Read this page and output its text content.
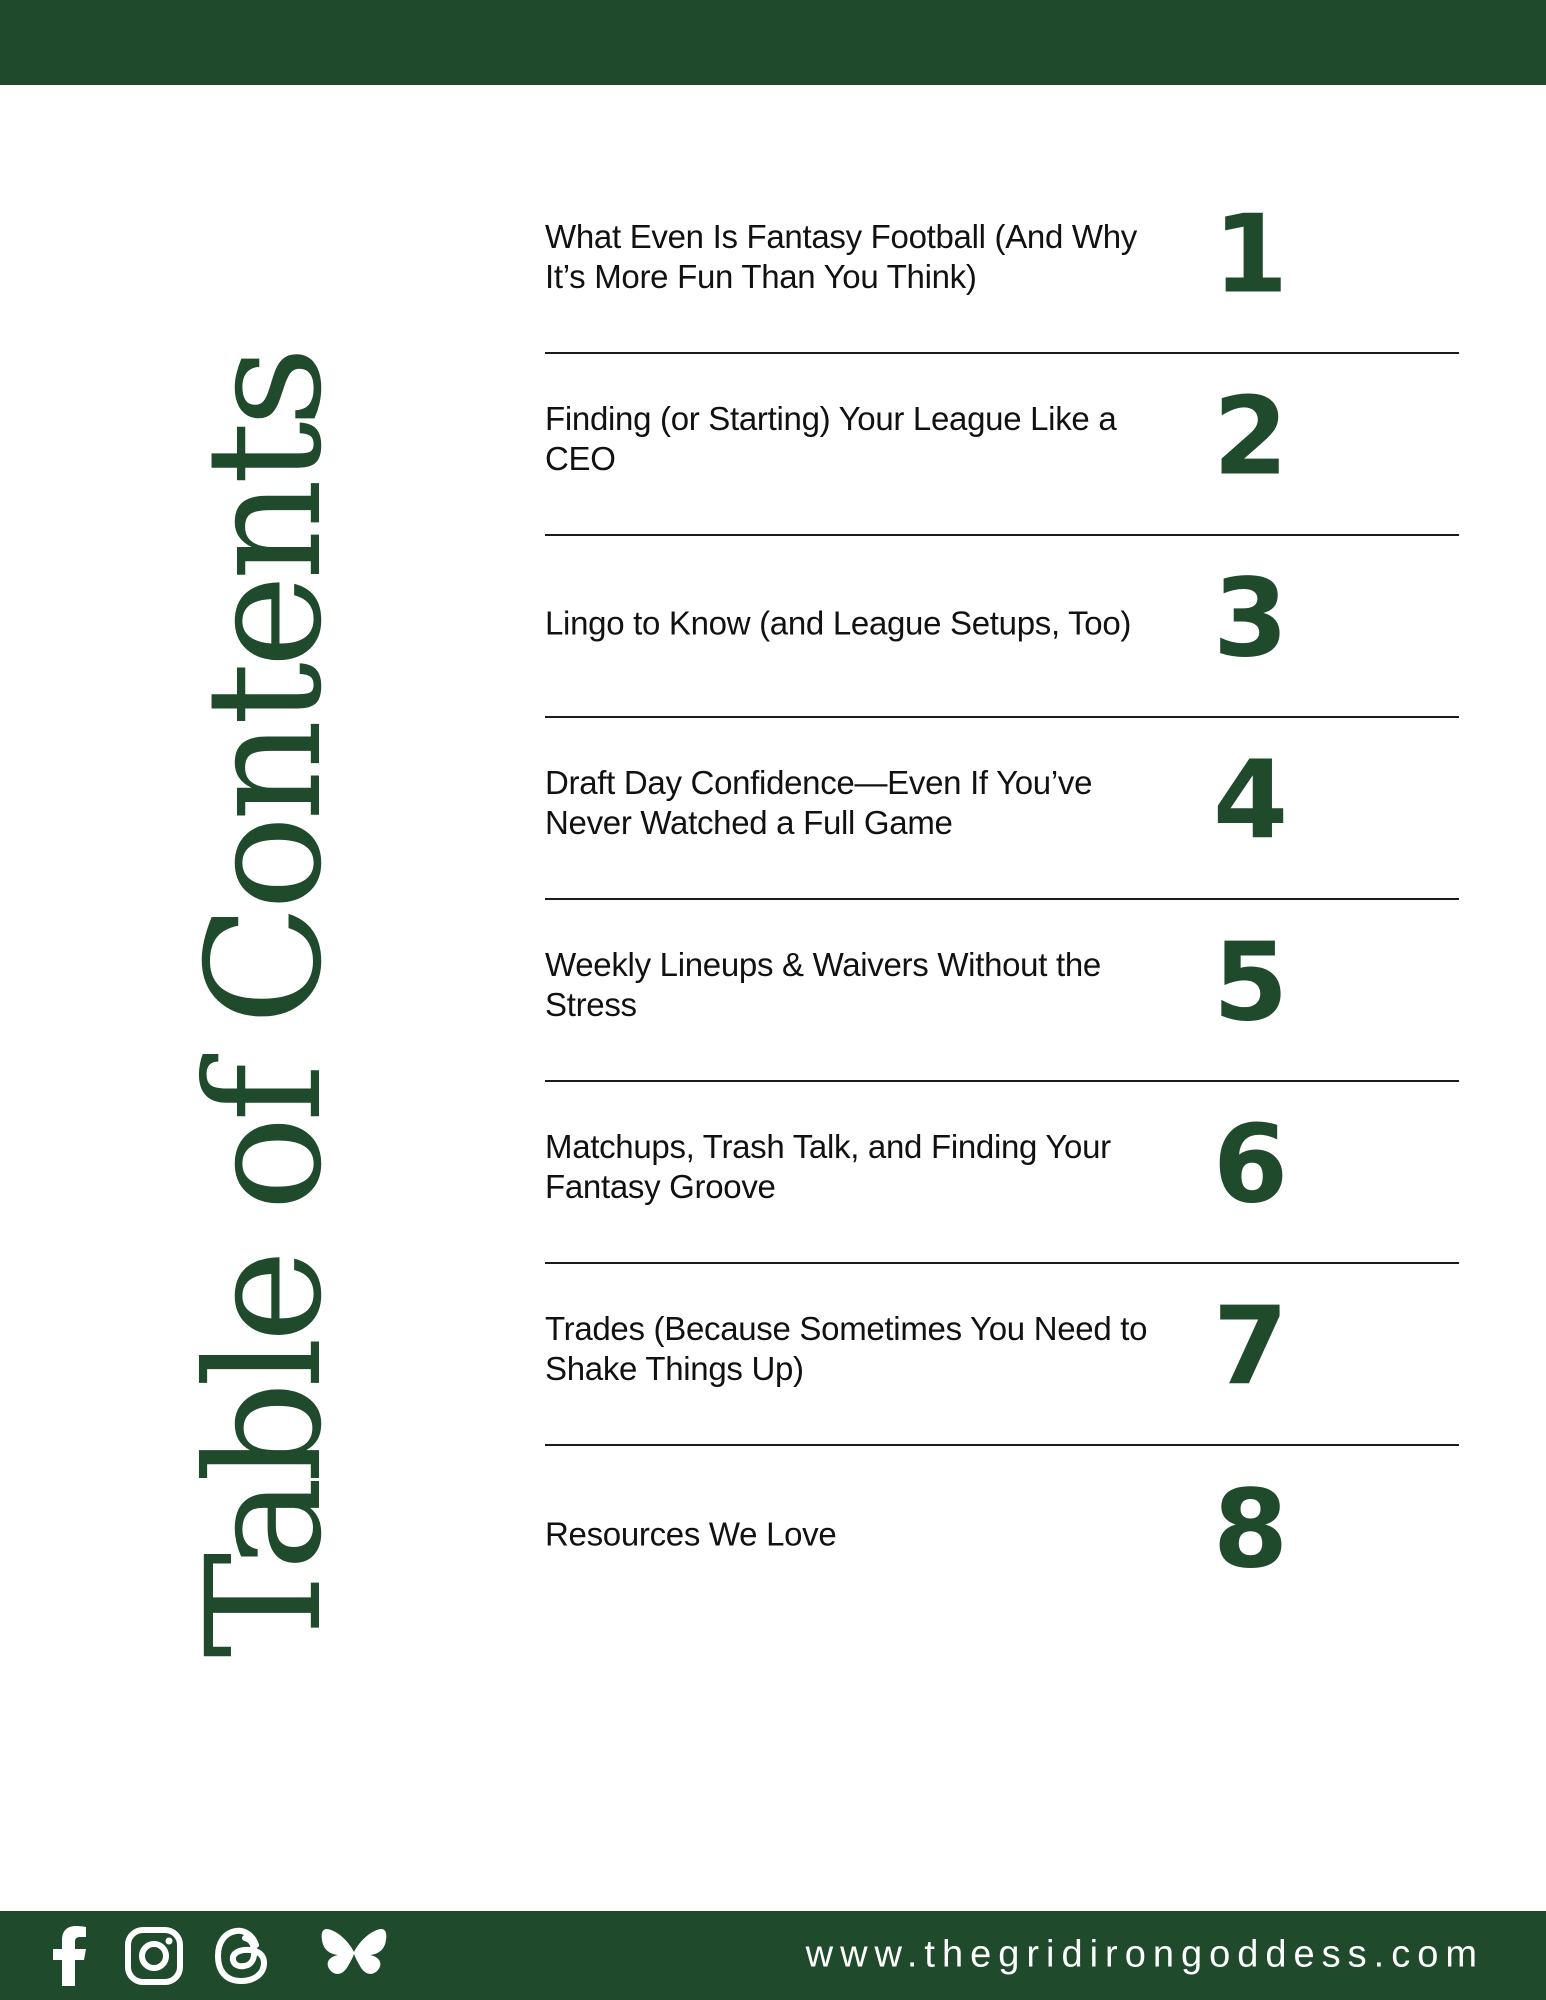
Table of Contents
What Even Is Fantasy Football (And Why It’s More Fun Than You Think)	1
Finding (or Starting) Your League Like a CEO	2
Lingo to Know (and League Setups, Too) 3
Draft Day Confidence—Even If You’ve Never Watched a Full Game	4
Weekly Lineups & Waivers Without the Stress	5
Matchups, Trash Talk, and Finding Your Fantasy Groove	6
Trades (Because Sometimes You Need to Shake Things Up)	7
Resources We Love	8
www.thegridirongoddess.com
